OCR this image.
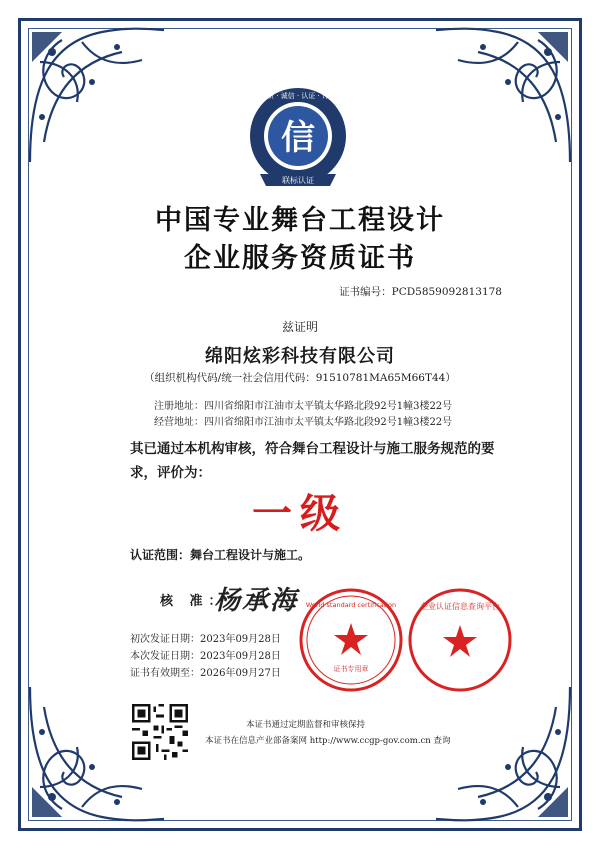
信
资质 · 诚信 · 认证 · 评级
联标认证
中国专业舞台工程设计
企业服务资质证书
证书编号：PCD5859092813178
兹证明
绵阳炫彩科技有限公司
（组织机构代码/统一社会信用代码：91510781MA65M66T44）
注册地址：四川省绵阳市江油市太平镇太华路北段92号1幢3楼22号
经营地址：四川省绵阳市江油市太平镇太华路北段92号1幢3楼22号
其已通过本机构审核，符合舞台工程设计与施工服务规范的要求，评价为：
一级
认证范围：舞台工程设计与施工。
核 准：
杨承海
初次发证日期：2023年09月28日
本次发证日期：2023年09月28日
证书有效期至：2026年09月27日
World standard certification
证书专用章
企业认证信息查询平台
本证书通过定期监督和审核保持
本证书在信息产业部备案网 http://www.ccgp-gov.com.cn 查询
